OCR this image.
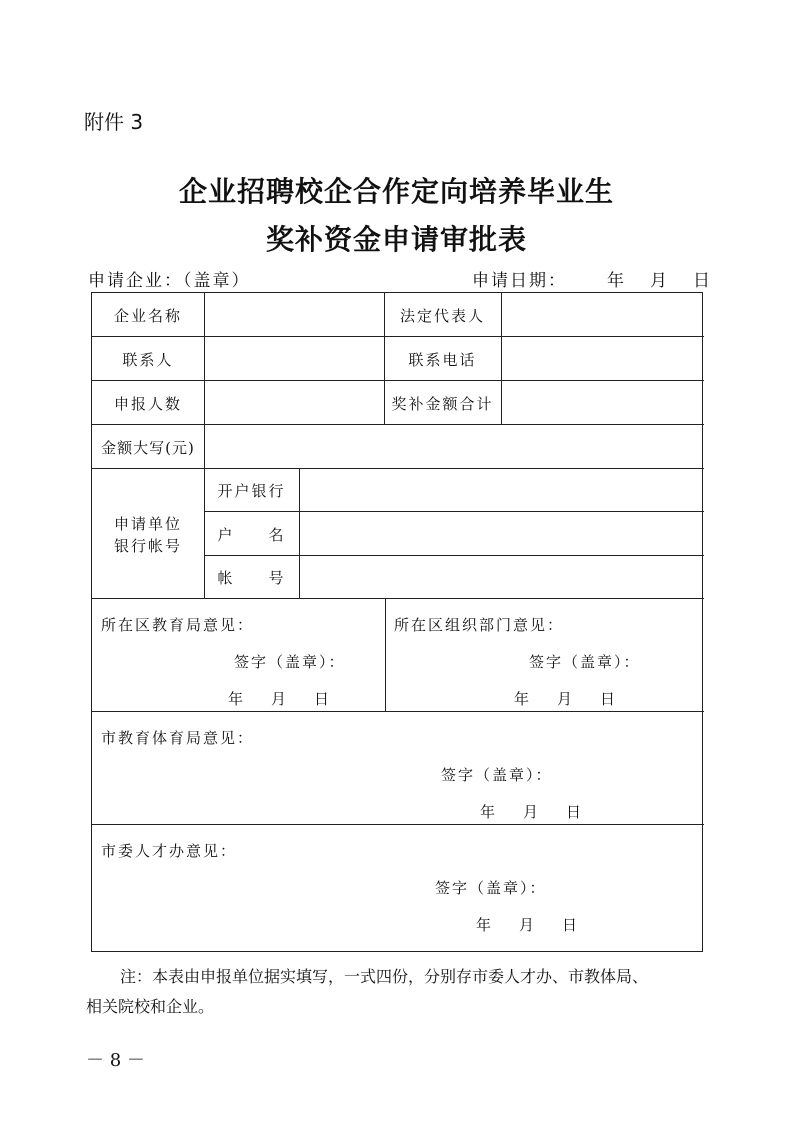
附件 3
企业招聘校企合作定向培养毕业生
奖补资金申请审批表
申请企业：（盖章）	申请日期： 年 月 日
企业名称	法定代表人
联系人	联系电话
申报人数	奖补金额合计
金额大写(元)
申请单位
银行帐号
开户银行
户　　名
帐　　号
所在区教育局意见：
签字（盖章）：
年 月 日
所在区组织部门意见：
签字（盖章）：
年 月 日
市教育体育局意见：
签字（盖章）：
年 月 日
市委人才办意见：
签字（盖章）：
年 月 日
注：本表由申报单位据实填写，一式四份，分别存市委人才办、市教体局、
相关院校和企业。
－ 8 －
